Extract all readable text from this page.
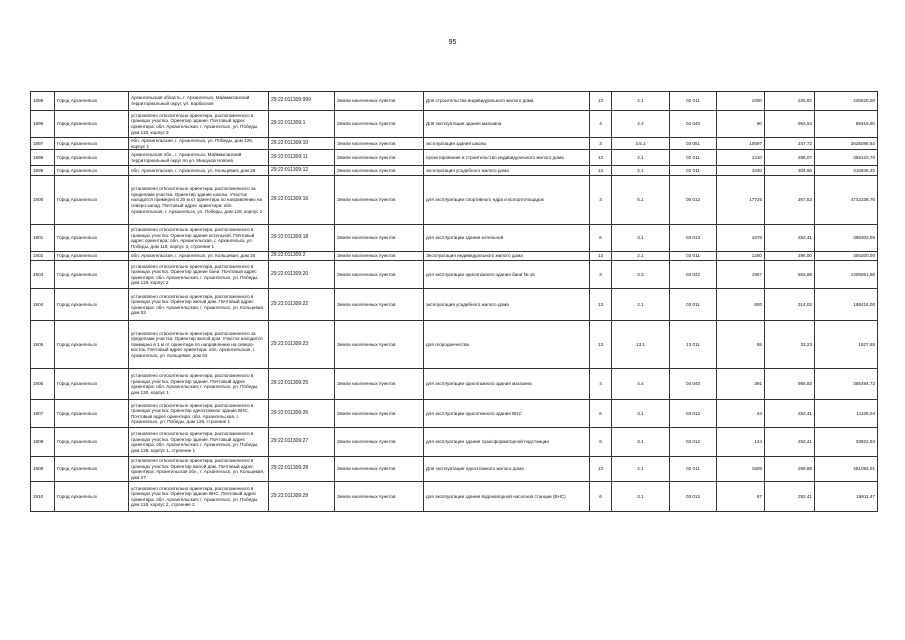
95
1895	Город Архангельск	Архангельская область, г. Архангельск, Маймаксанский территориальный округ, ул. Карбасная	29:22:011309:999	Земли населенных пунктов	Для строительства индивидуального жилого дома	13	2.1	02 011	1000	225,82	225820,00
1896	Город Архангельск	установлено относительно ориентира, расположенного в границах участка. Ориентир здание. Почтовый адрес ориентира: обл. Архангельская, г. Архангельск, ул. Победы, дом 118, корпус 3	29:22:011309:1	Земли населенных пунктов	Для эксплуатации здания магазина	4	4.4	04 040	90	993,54	89418,60
1897	Город Архангельск	обл. Архангельская, г. Архангельск, ул. Победы, дом 126, корпус 1	29:22:011309:10	Земли населенных пунктов	эксплуатация здания школы	3	3.5.1	03 051	10597	247,72	2625088,84
1898	Город Архангельск	Архангельская обл., г. Архангельск, Маймаксанский территориальный округ по ул. Мишуков Новоев	29:22:011309:11	Земли населенных пунктов	проектирование и строительство индивидуального жилого дома	13	2.1	02 011	1210	296,07	358123,70
1899	Город Архангельск	обл. Архангельская, г. Архангельск, ул. Кольцевая, дом 26	29:22:011309:12	Земли населенных пунктов	эксплуатация усадебного жилого дома	13	2.1	02 011	1040	304,66	316846,40
1900	Город Архангельск	установлено относительно ориентира, расположенного за пределами участка. Ориентир здание школы. Участок находится примерно в 20 м от ориентира по направлению на северо-запад. Почтовый адрес ориентира: обл. Архангельская, г. Архангельск, ул. Победы, дом 126, корпус 1	29:22:011309:16	Земли населенных пунктов	для эксплуатации спортивного ядра и вспортплощадок	3	5.1	05 012	17726	267,53	4742238,76
1901	Город Архангельск	установлено относительно ориентира, расположенного в границах участка. Ориентир здание котельной. Почтовый адрес ориентира: обл. Архангельская, г. Архангельск, ул. Победы, дом 118, корпус 3, строение 1	29:22:011309:18	Земли населенных пунктов	для эксплуатации здания котельной	6	3.1	03 013	1578	252,41	398303,96
1902	Город Архангельск	обл. Архангельская, г. Архангельск, ул. Кольцевая, дом 34	29:22:011309:2	Земли населенных пунктов	Эксплуатация индивидуального жилого дома	13	2.1	02 011	1200	296,00	355200,00
1903	Город Архангельск	установлено относительно ориентира, расположенного в границах участка. Ориентир здание бани. Почтовый адрес ориентира: обл. Архангельская, г. Архангельск, ул. Победы, дом 118, корпус 2	29:22:011309:20	Земли населенных пунктов	для эксплуатации одноэтажного здания бани № 16	3	3.3	03 032	1967	663,88	1305851,96
1904	Город Архангельск	установлено относительно ориентира, расположенного в границах участка. Ориентир жилой дом. Почтовый адрес ориентира: обл. Архангельская, г. Архангельск, ул. Кольцевая, дом 53	29:22:011309:22	Земли населенных пунктов	эксплуатация усадебного жилого дома	13	2.1	02 011	600	314,03	188418,00
1905	Город Архангельск	установлено относительно ориентира, расположенного за пределами участка. Ориентир жилой дом. Участок находится примерно в 1 м от ориентира по направлению на северо-восток. Почтовый адрес ориентира: обл. Архангельская, г. Архангельск, ул. Кольцевая, дом 53	29:22:011309:23	Земли населенных пунктов	для огородничества	13	13.1	13 011	55	33,23	1827,65
1906	Город Архангельск	установлено относительно ориентира, расположенного в границах участка. Ориентир здание. Почтовый адрес ориентира: обл. Архангельская, г. Архангельск, ул. Победы, дом 130, корпус 1	29:22:011309:25	Земли населенных пунктов	для эксплуатации одноэтажного здания магазина	4	4.4	04 040	391	985,92	385494,72
1907	Город Архангельск	установлено относительно ориентира, расположенного в границах участка. Ориентир одноэтажное здание ВНС. Почтовый адрес ориентира: обл. Архангельская, г. Архангельск, ул. Победы, дом 126, строение 1	29:22:011309:26	Земли населенных пунктов	для эксплуатации одноэтажного здания ВНС	6	3.1	03 012	44	252,41	11106,04
1908	Город Архангельск	установлено относительно ориентира, расположенного в границах участка. Ориентир здание. Почтовый адрес ориентира: обл. Архангельская, г. Архангельск, ул. Победы, дом 128, корпус 1, строение 1	29:22:011309:27	Земли населенных пунктов	для эксплуатации здания трансформаторной подстанции	6	3.1	03 012	134	252,41	33822,94
1909	Город Архангельск	установлено относительно ориентира, расположенного в границах участка. Ориентир жилой дом. Почтовый адрес ориентира: Архангельская обл., г. Архангельск, ул. Кольцевая, дом 47	29:22:011309:28	Земли населенных пунктов	Для эксплуатации одноэтажного жилого дома	13	2.1	02 011	1609	298,89	481093,01
1910	Город Архангельск	установлено относительно ориентира, расположенного в границах участка. Ориентир здание ВНС. Почтовый адрес ориентира: обл. Архангельская, г. Архангельск, ул. Победы, дом 118, корпус 2, строение 2	29:22:011309:29	Земли населенных пунктов	для эксплуатации здания водонапорной насосной станции (ВНС)	6	3.1	03 012	67	252,41	16911,47
